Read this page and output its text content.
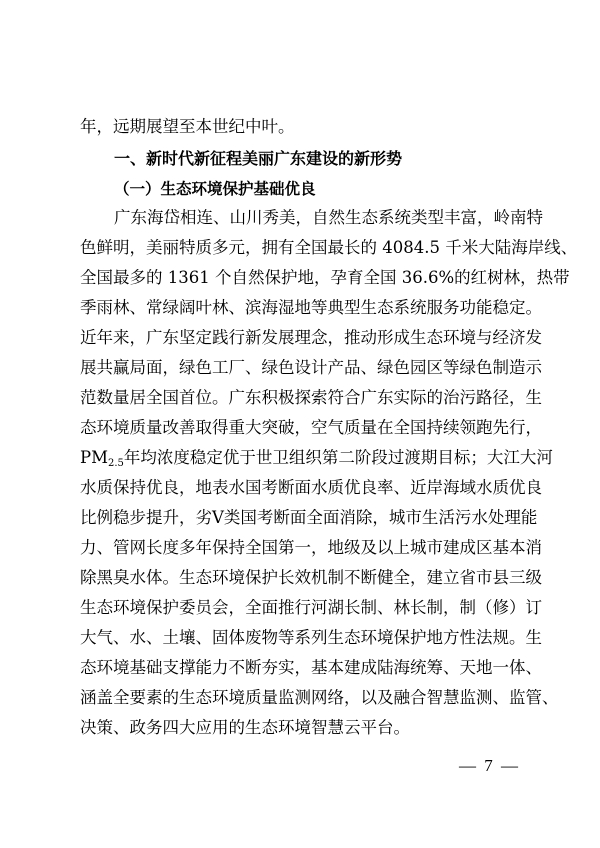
年，远期展望至本世纪中叶。
一、新时代新征程美丽广东建设的新形势
（一）生态环境保护基础优良
广东海岱相连、山川秀美，自然生态系统类型丰富，岭南特
色鲜明，美丽特质多元，拥有全国最长的 4084.5 千米大陆海岸线、
全国最多的 1361 个自然保护地，孕育全国 36.6%的红树林，热带
季雨林、常绿阔叶林、滨海湿地等典型生态系统服务功能稳定。
近年来，广东坚定践行新发展理念，推动形成生态环境与经济发
展共赢局面，绿色工厂、绿色设计产品、绿色园区等绿色制造示
范数量居全国首位。广东积极探索符合广东实际的治污路径，生
态环境质量改善取得重大突破，空气质量在全国持续领跑先行，
$PM_{2.5}$年均浓度稳定优于世卫组织第二阶段过渡期目标；大江大河
水质保持优良，地表水国考断面水质优良率、近岸海域水质优良
比例稳步提升，劣Ⅴ类国考断面全面消除，城市生活污水处理能
力、管网长度多年保持全国第一，地级及以上城市建成区基本消
除黑臭水体。生态环境保护长效机制不断健全，建立省市县三级
生态环境保护委员会，全面推行河湖长制、林长制，制（修）订
大气、水、土壤、固体废物等系列生态环境保护地方性法规。生
态环境基础支撑能力不断夯实，基本建成陆海统筹、天地一体、
涵盖全要素的生态环境质量监测网络，以及融合智慧监测、监管、
决策、政务四大应用的生态环境智慧云平台。
— 7 —
